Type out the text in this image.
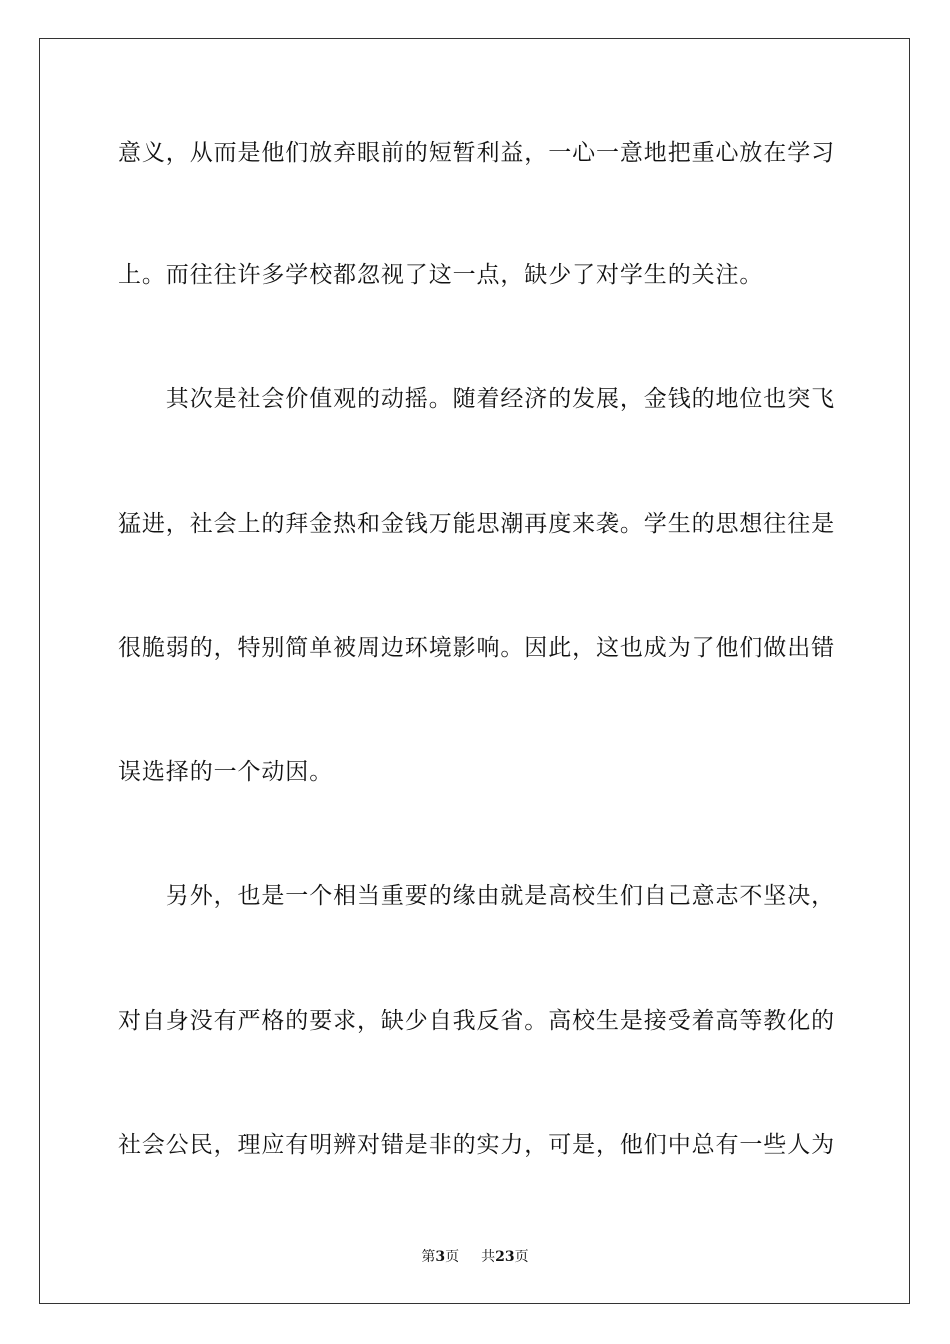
意义，从而是他们放弃眼前的短暂利益，一心一意地把重心放在学习
上。而往往许多学校都忽视了这一点，缺少了对学生的关注。
　　其次是社会价值观的动摇。随着经济的发展，金钱的地位也突飞
猛进，社会上的拜金热和金钱万能思潮再度来袭。学生的思想往往是
很脆弱的，特别简单被周边环境影响。因此，这也成为了他们做出错
误选择的一个动因。
　　另外，也是一个相当重要的缘由就是高校生们自己意志不坚决，
对自身没有严格的要求，缺少自我反省。高校生是接受着高等教化的
社会公民，理应有明辨对错是非的实力，可是，他们中总有一些人为
第3页 共23页
